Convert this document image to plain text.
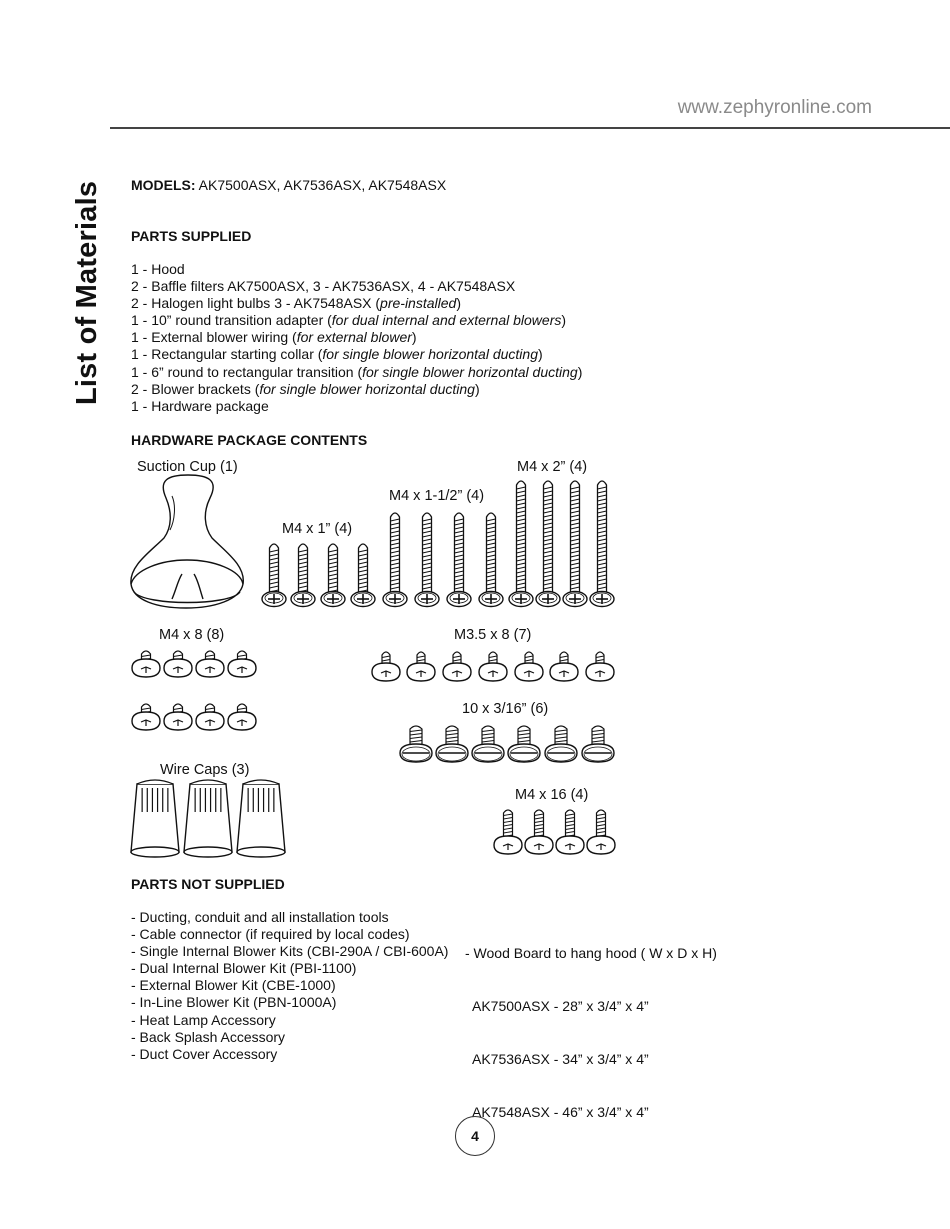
www.zephyronline.com
List of Materials MODELS: AK7500ASX, AK7536ASX, AK7548ASX
PARTS SUPPLIED
1 - Hood
2 - Baffle filters AK7500ASX, 3 - AK7536ASX, 4 - AK7548ASX
2 - Halogen light bulbs 3 - AK7548ASX (pre-installed)
1 - 10” round transition adapter (for dual internal and external blowers)
1 - External blower wiring (for external blower)
1 - Rectangular starting collar (for single blower horizontal ducting)
1 - 6” round to rectangular transition (for single blower horizontal ducting)
2 - Blower brackets (for single blower horizontal ducting)
1 - Hardware package
HARDWARE PACKAGE CONTENTS
Suction Cup (1)
M4 x 1” (4)
M4 x 1-1/2” (4)
M4 x 2” (4)
M4 x 8 (8)	M3.5 x 8 (7)
10 x 3/16” (6)
Wire Caps (3)
M4 x 16 (4)
PARTS NOT SUPPLIED
- Ducting, conduit and all installation tools
- Cable connector (if required by local codes)
- Single Internal Blower Kits (CBI-290A / CBI-600A)
- Dual Internal Blower Kit (PBI-1100)
- External Blower Kit (CBE-1000)
- In-Line Blower Kit (PBN-1000A)
- Heat Lamp Accessory
- Back Splash Accessory
- Duct Cover Accessory

- Wood Board to hang hood ( W x D x H)

AK7500ASX - 28” x 3/4” x 4”

AK7536ASX - 34” x 3/4” x 4”

AK7548ASX - 46” x 3/4” x 4”

4
